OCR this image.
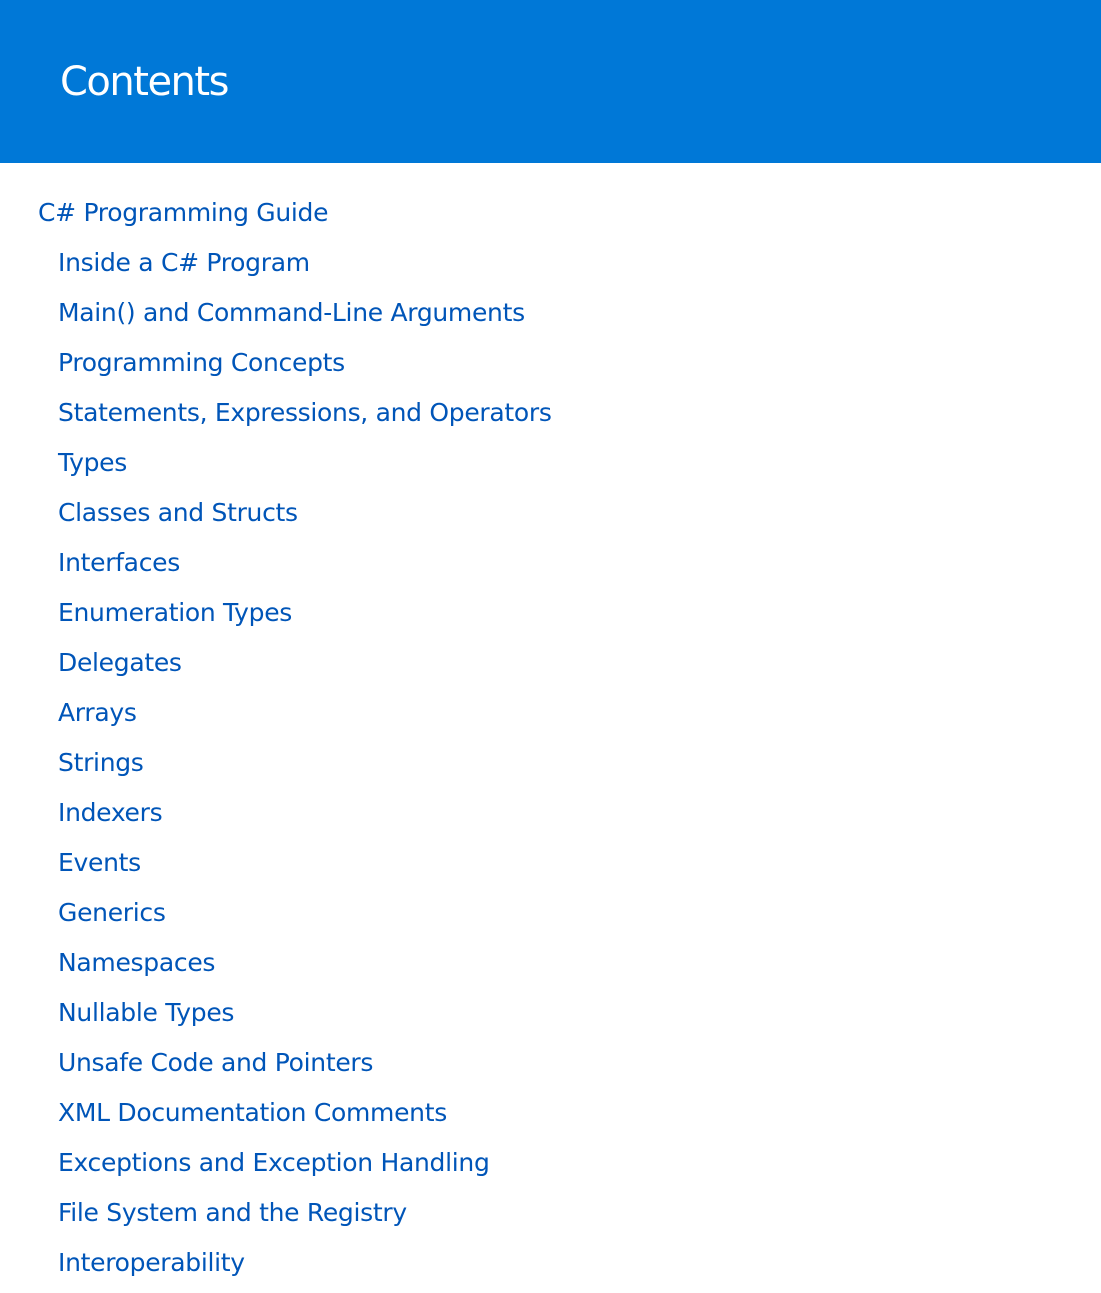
Contents
C# Programming Guide
Inside a C# Program
Main() and Command-Line Arguments
Programming Concepts
Statements, Expressions, and Operators
Types
Classes and Structs
Interfaces
Enumeration Types
Delegates
Arrays
Strings
Indexers
Events
Generics
Namespaces
Nullable Types
Unsafe Code and Pointers
XML Documentation Comments
Exceptions and Exception Handling
File System and the Registry
Interoperability
